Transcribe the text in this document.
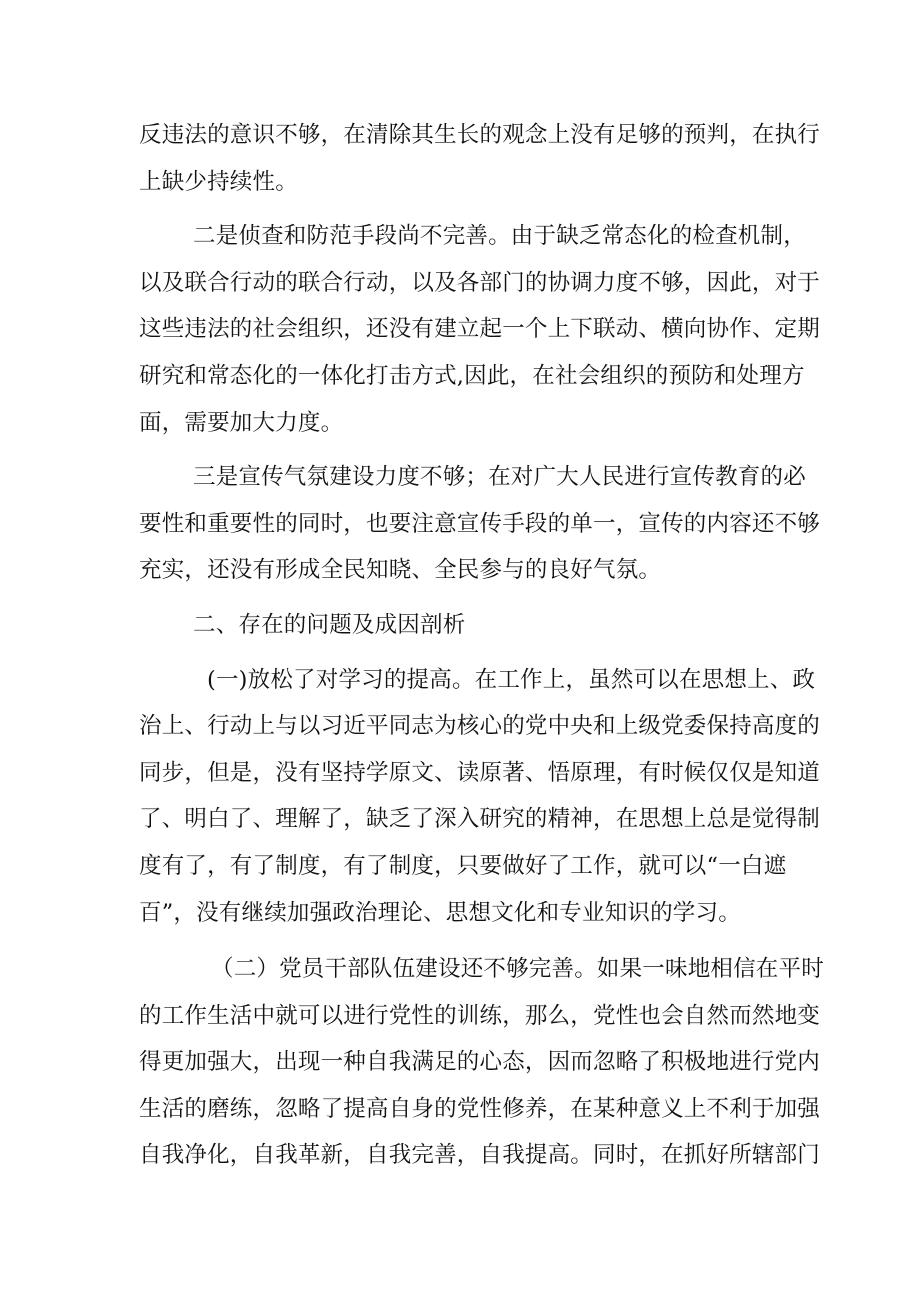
反违法的意识不够，在清除其生长的观念上没有足够的预判，在执行
上缺少持续性。
二是侦查和防范手段尚不完善。由于缺乏常态化的检查机制，
以及联合行动的联合行动，以及各部门的协调力度不够，因此，对于
这些违法的社会组织，还没有建立起一个上下联动、横向协作、定期
研究和常态化的一体化打击方式,因此，在社会组织的预防和处理方
面，需要加大力度。
三是宣传气氛建设力度不够；在对广大人民进行宣传教育的必
要性和重要性的同时，也要注意宣传手段的单一，宣传的内容还不够
充实，还没有形成全民知晓、全民参与的良好气氛。
二、存在的问题及成因剖析
(一)放松了对学习的提高。在工作上，虽然可以在思想上、政
治上、行动上与以习近平同志为核心的党中央和上级党委保持高度的
同步，但是，没有坚持学原文、读原著、悟原理，有时候仅仅是知道
了、明白了、理解了，缺乏了深入研究的精神，在思想上总是觉得制
度有了，有了制度，有了制度，只要做好了工作，就可以“一白遮
百”，没有继续加强政治理论、思想文化和专业知识的学习。
（二）党员干部队伍建设还不够完善。如果一味地相信在平时
的工作生活中就可以进行党性的训练，那么，党性也会自然而然地变
得更加强大，出现一种自我满足的心态，因而忽略了积极地进行党内
生活的磨练，忽略了提高自身的党性修养，在某种意义上不利于加强
自我净化，自我革新，自我完善，自我提高。同时，在抓好所辖部门
